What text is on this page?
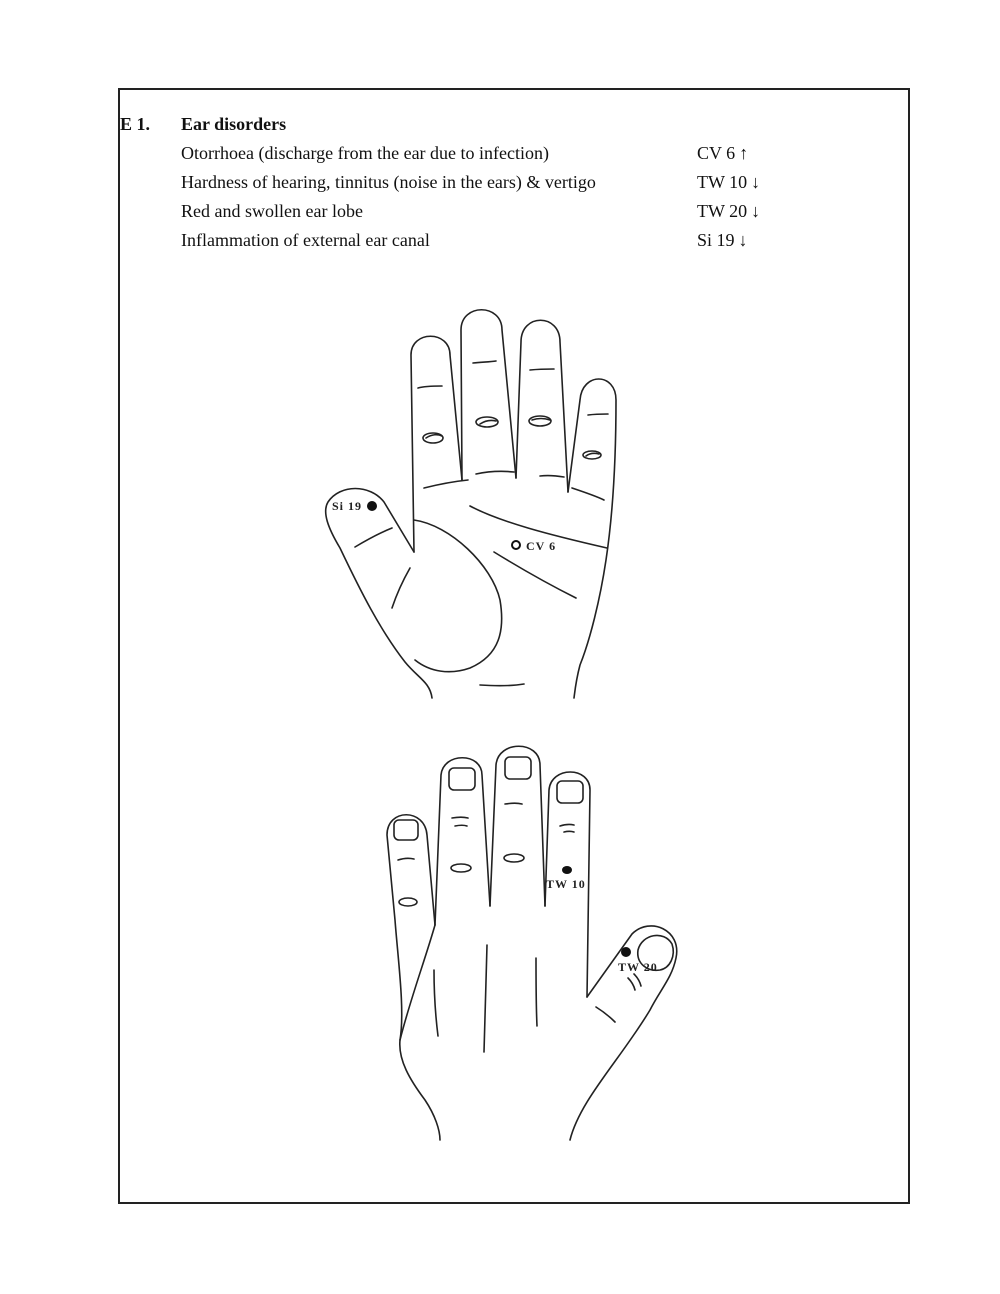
E 1. Ear disorders
Otorrhoea (discharge from the ear due to infection)	CV 6 ↑
Hardness of hearing, tinnitus (noise in the ears) & vertigo	TW 10 ↓
Red and swollen ear lobe	TW 20 ↓
Inflammation of external ear canal	Si 19 ↓
Si 19
CV 6
TW 10
TW 20
